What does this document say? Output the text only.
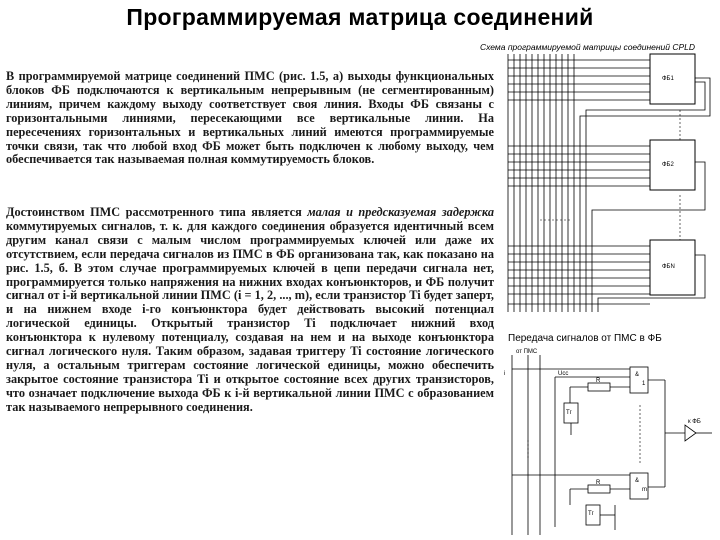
Программируемая матрица соединений
В программируемой матрице соединений ПМС (рис. 1.5, а) выходы функциональных блоков ФБ подключаются к вертикальным непрерывным (не сегментированным) линиям, причем каждому выходу соответствует своя линия. Входы ФБ связаны с горизонтальными линиями, пересекающими все вертикальные линии. На пересечениях горизонтальных и вертикальных линий имеются программируемые точки связи, так что любой вход ФБ может быть подключен к любому выходу, чем обеспечивается так называемая полная коммутируемость блоков.
Достоинством ПМС рассмотренного типа является малая и предсказуемая задержка коммутируемых сигналов, т. к. для каждого соединения образуется идентичный всем другим канал связи с малым числом программируемых ключей или даже их отсутствием, если передача сигналов из ПМС в ФБ организована так, как показано на рис. 1.5, б. В этом случае программируемых ключей в цепи передачи сигнала нет, программируется только напряжения на нижних входах конъюнкторов, и ФБ получит сигнал от i-й вертикальной линии ПМС (i = 1, 2, ..., m), если транзистор Ti будет заперт, и на нижнем входе i-го конъюнктора будет действовать высокий потенциал логической единицы. Открытый транзистор Ti подключает нижний вход конъюнктора к нулевому потенциалу, создавая на нем и на выходе конъюнктора сигнал логического нуля. Таким образом, задавая триггеру Ti состояние логического нуля, а остальным триггерам состояние логической единицы, можно обеспечить закрытое состояние транзистора Ti и открытое состояние всех других транзисторов, что означает подключение выхода ФБ к i-й вертикальной линии ПМС с образованием так называемого непрерывного соединения.
Схема программируемой матрицы соединений CPLD
ФБ1
ФБ2
ФБN
Передача сигналов от ПМС в ФБ
от ПМС
Ucc
R
Тг
&
1
R
Тг
&
m
к ФБ
i
